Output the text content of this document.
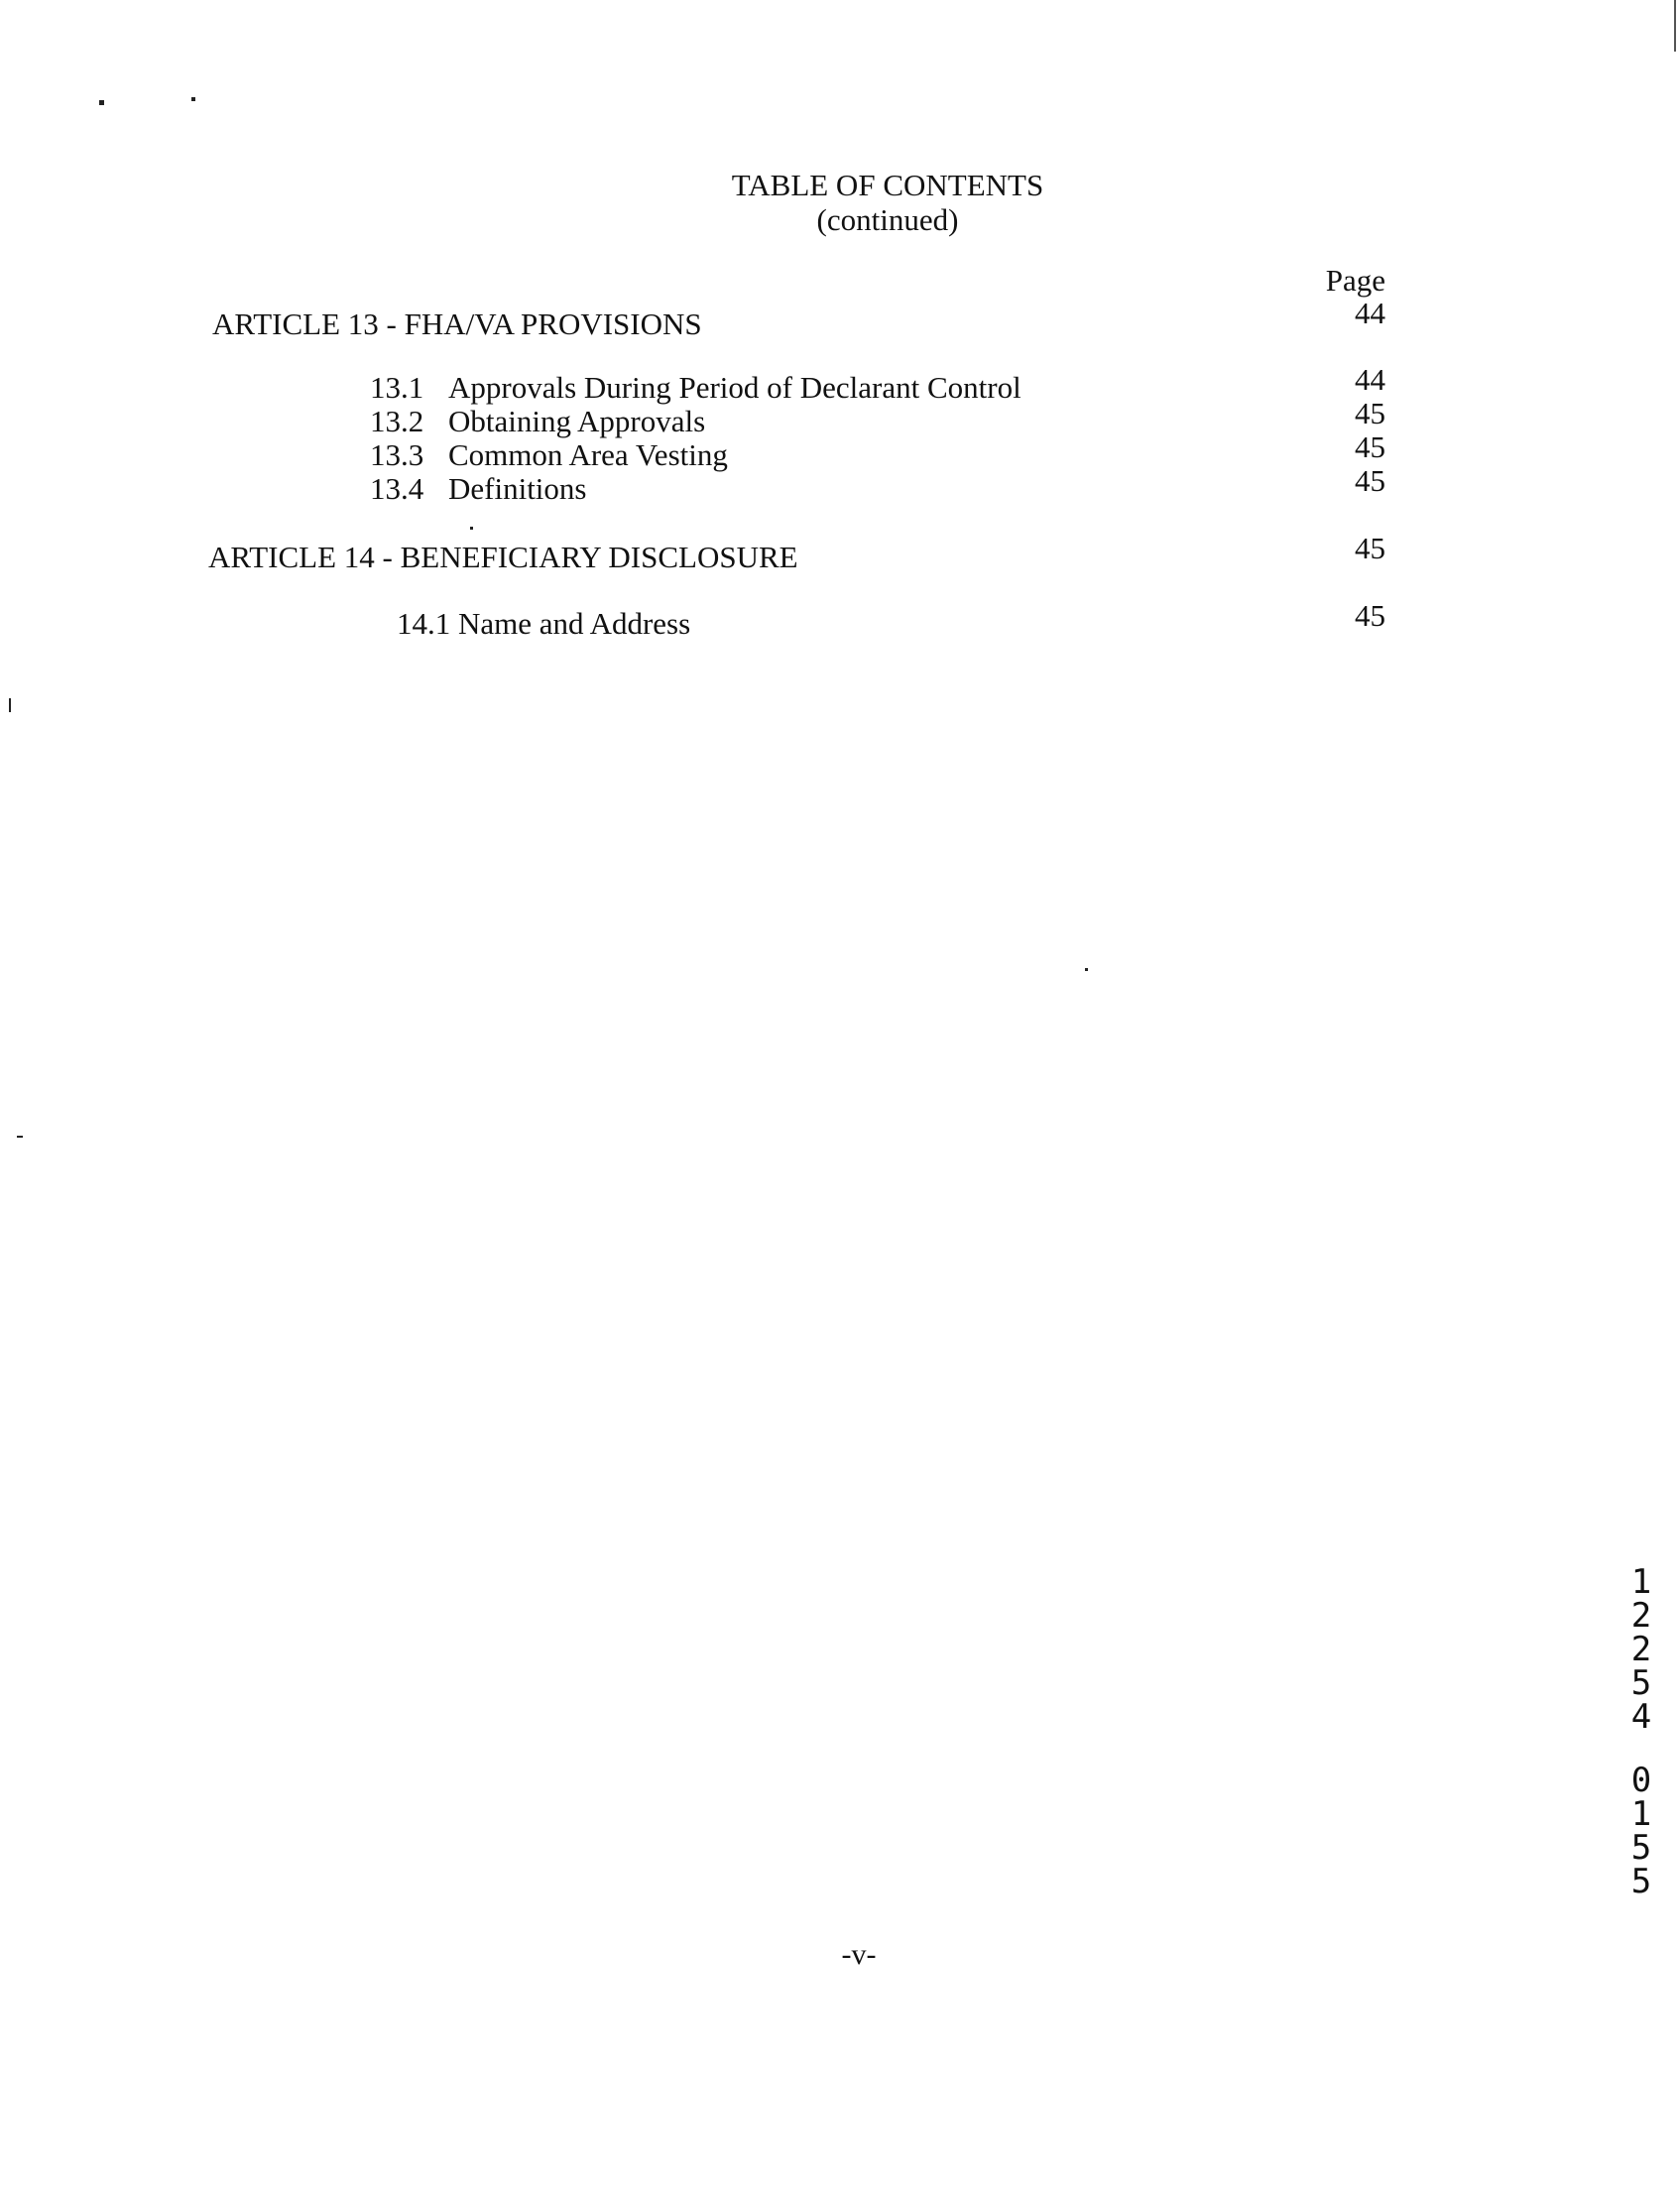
TABLE OF CONTENTS
(continued)
Page
ARTICLE 13 - FHA/VA PROVISIONS	44
13.1 Approvals During Period of Declarant Control	44
13.2 Obtaining Approvals	45
13.3 Common Area Vesting	45
13.4 Definitions	45
ARTICLE 14 - BENEFICIARY DISCLOSURE	45
14.1 Name and Address	45
1
2
2
5
4
0
1
5
5
-v-
